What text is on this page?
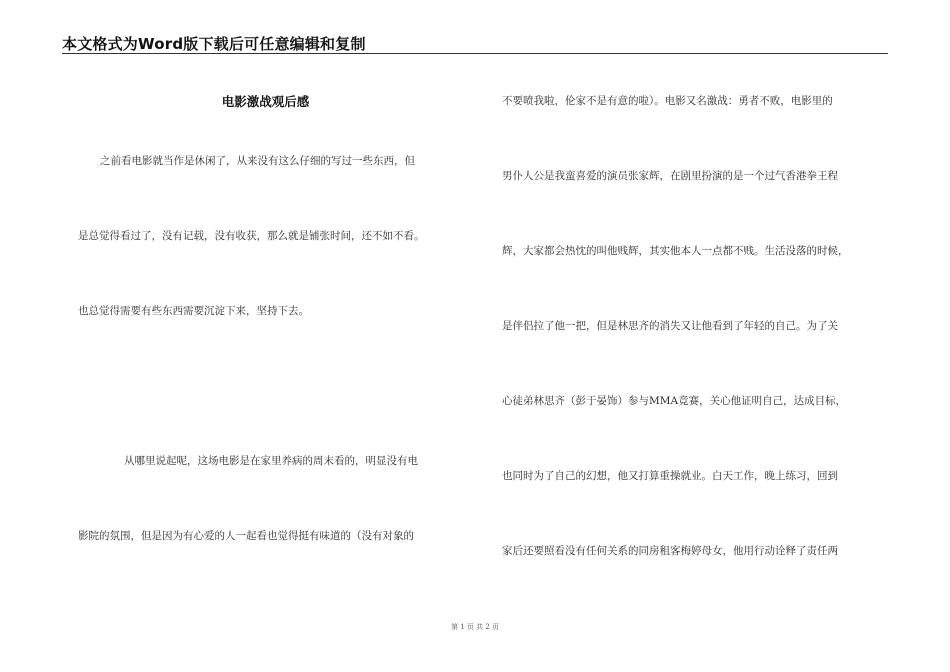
本文格式为Word版下载后可任意编辑和复制
电影激战观后感
之前看电影就当作是休闲了，从来没有这么仔细的写过一些东西，但
是总觉得看过了，没有记载，没有收获，那么就是铺张时间，还不如不看。
也总觉得需要有些东西需要沉淀下来，坚持下去。
从哪里说起呢，这场电影是在家里养病的周末看的，明显没有电
影院的氛围，但是因为有心爱的人一起看也觉得挺有味道的（没有对象的
不要喷我啦，伦家不是有意的啦）。电影又名激战：勇者不败，电影里的
男仆人公是我蛮喜爱的演员张家辉，在剧里扮演的是一个过气香港拳王程
辉，大家都会热忱的叫他贱辉，其实他本人一点都不贱。生活没落的时候，
是伴侣拉了他一把，但是林思齐的消失又让他看到了年轻的自己。为了关
心徒弟林思齐（彭于晏饰）参与MMA竞赛，关心他证明自己，达成目标，
也同时为了自己的幻想，他又打算重操就业。白天工作，晚上练习，回到
家后还要照看没有任何关系的同房租客梅婷母女，他用行动诠释了责任两
第 1 页 共 2 页
